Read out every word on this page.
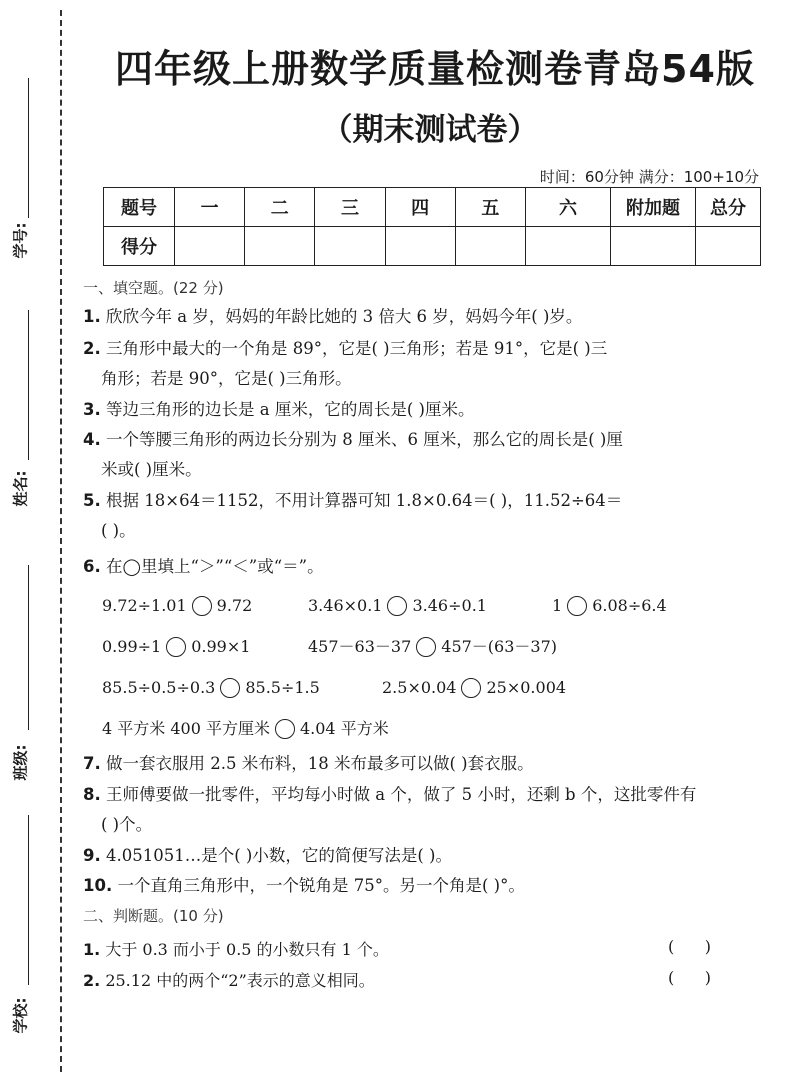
学号:
姓名:
班级:
学校:
四年级上册数学质量检测卷青岛54版
（期末测试卷）
时间：60分钟 满分：100+10分
题号	一	二	三	四	五	六	附加题	总分
得分								
一、填空题。(22 分)
1. 欣欣今年 a 岁，妈妈的年龄比她的 3 倍大 6 岁，妈妈今年( )岁。
2. 三角形中最大的一个角是 89°，它是( )三角形；若是 91°，它是( )三
角形；若是 90°，它是( )三角形。
3. 等边三角形的边长是 a 厘米，它的周长是( )厘米。
4. 一个等腰三角形的两边长分别为 8 厘米、6 厘米，那么它的周长是( )厘
米或( )厘米。
5. 根据 18×64＝1152，不用计算器可知 1.8×0.64＝( )，11.52÷64＝
( )。
6. 在◯里填上“＞”“＜”或“＝”。
9.72÷1.01 9.72	3.46×0.1 3.46÷0.1	1 6.08÷6.4
0.99÷1 0.99×1	457－63－37 457－(63－37)
85.5÷0.5÷0.3 85.5÷1.5	2.5×0.04 25×0.004
4 平方米 400 平方厘米 4.04 平方米
7. 做一套衣服用 2.5 米布料，18 米布最多可以做( )套衣服。
8. 王师傅要做一批零件，平均每小时做 a 个，做了 5 小时，还剩 b 个，这批零件有
( )个。
9. 4.051051…是个( )小数，它的简便写法是( )。
10. 一个直角三角形中，一个锐角是 75°。另一个角是( )°。
二、判断题。(10 分)
1. 大于 0.3 而小于 0.5 的小数只有 1 个。	(      )
2. 25.12 中的两个“2”表示的意义相同。	(      )
